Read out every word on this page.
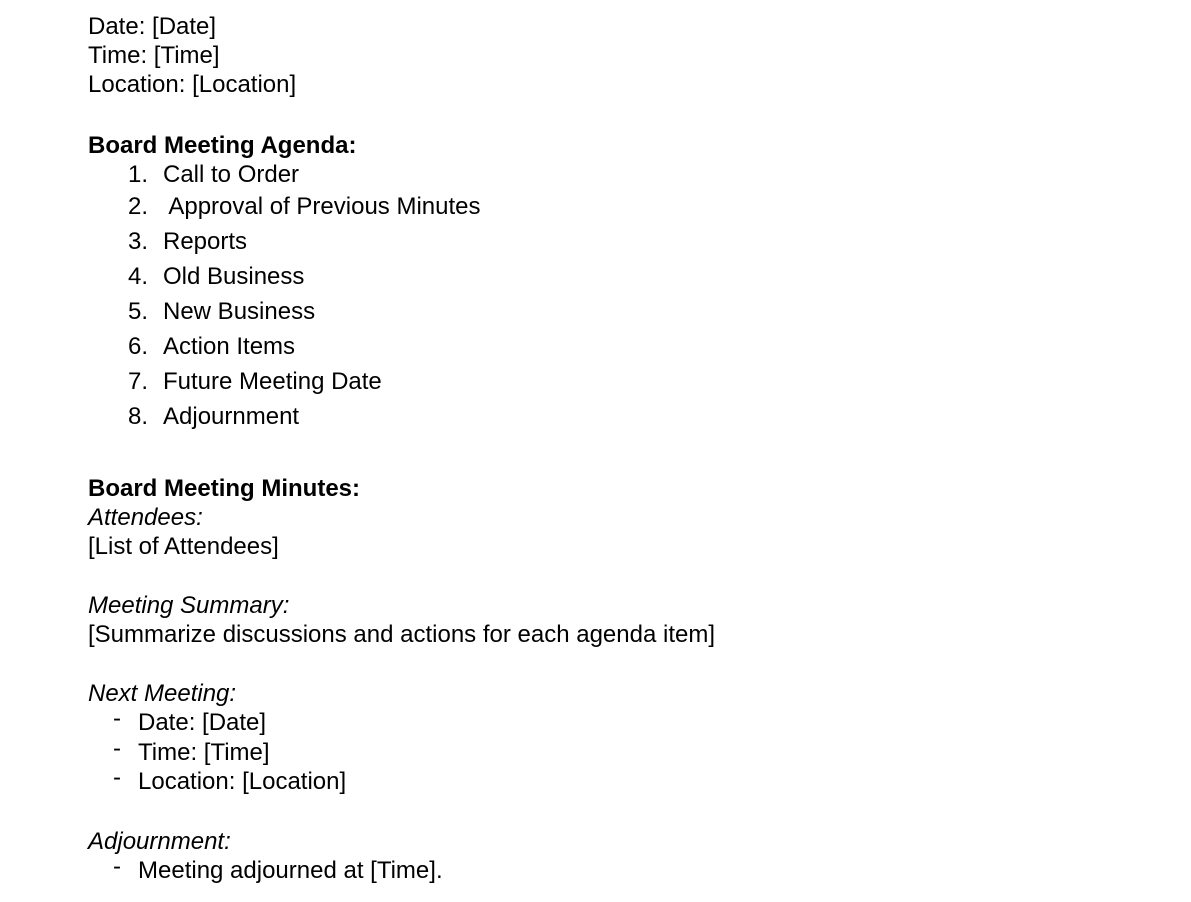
Date: [Date]
Time: [Time]
Location: [Location]
Board Meeting Agenda:
1. Call to Order
2. Approval of Previous Minutes
3. Reports
4. Old Business
5. New Business
6. Action Items
7. Future Meeting Date
8. Adjournment
Board Meeting Minutes:
Attendees:
[List of Attendees]
Meeting Summary:
[Summarize discussions and actions for each agenda item]
Next Meeting:
- Date: [Date]
- Time: [Time]
- Location: [Location]
Adjournment:
- Meeting adjourned at [Time].
